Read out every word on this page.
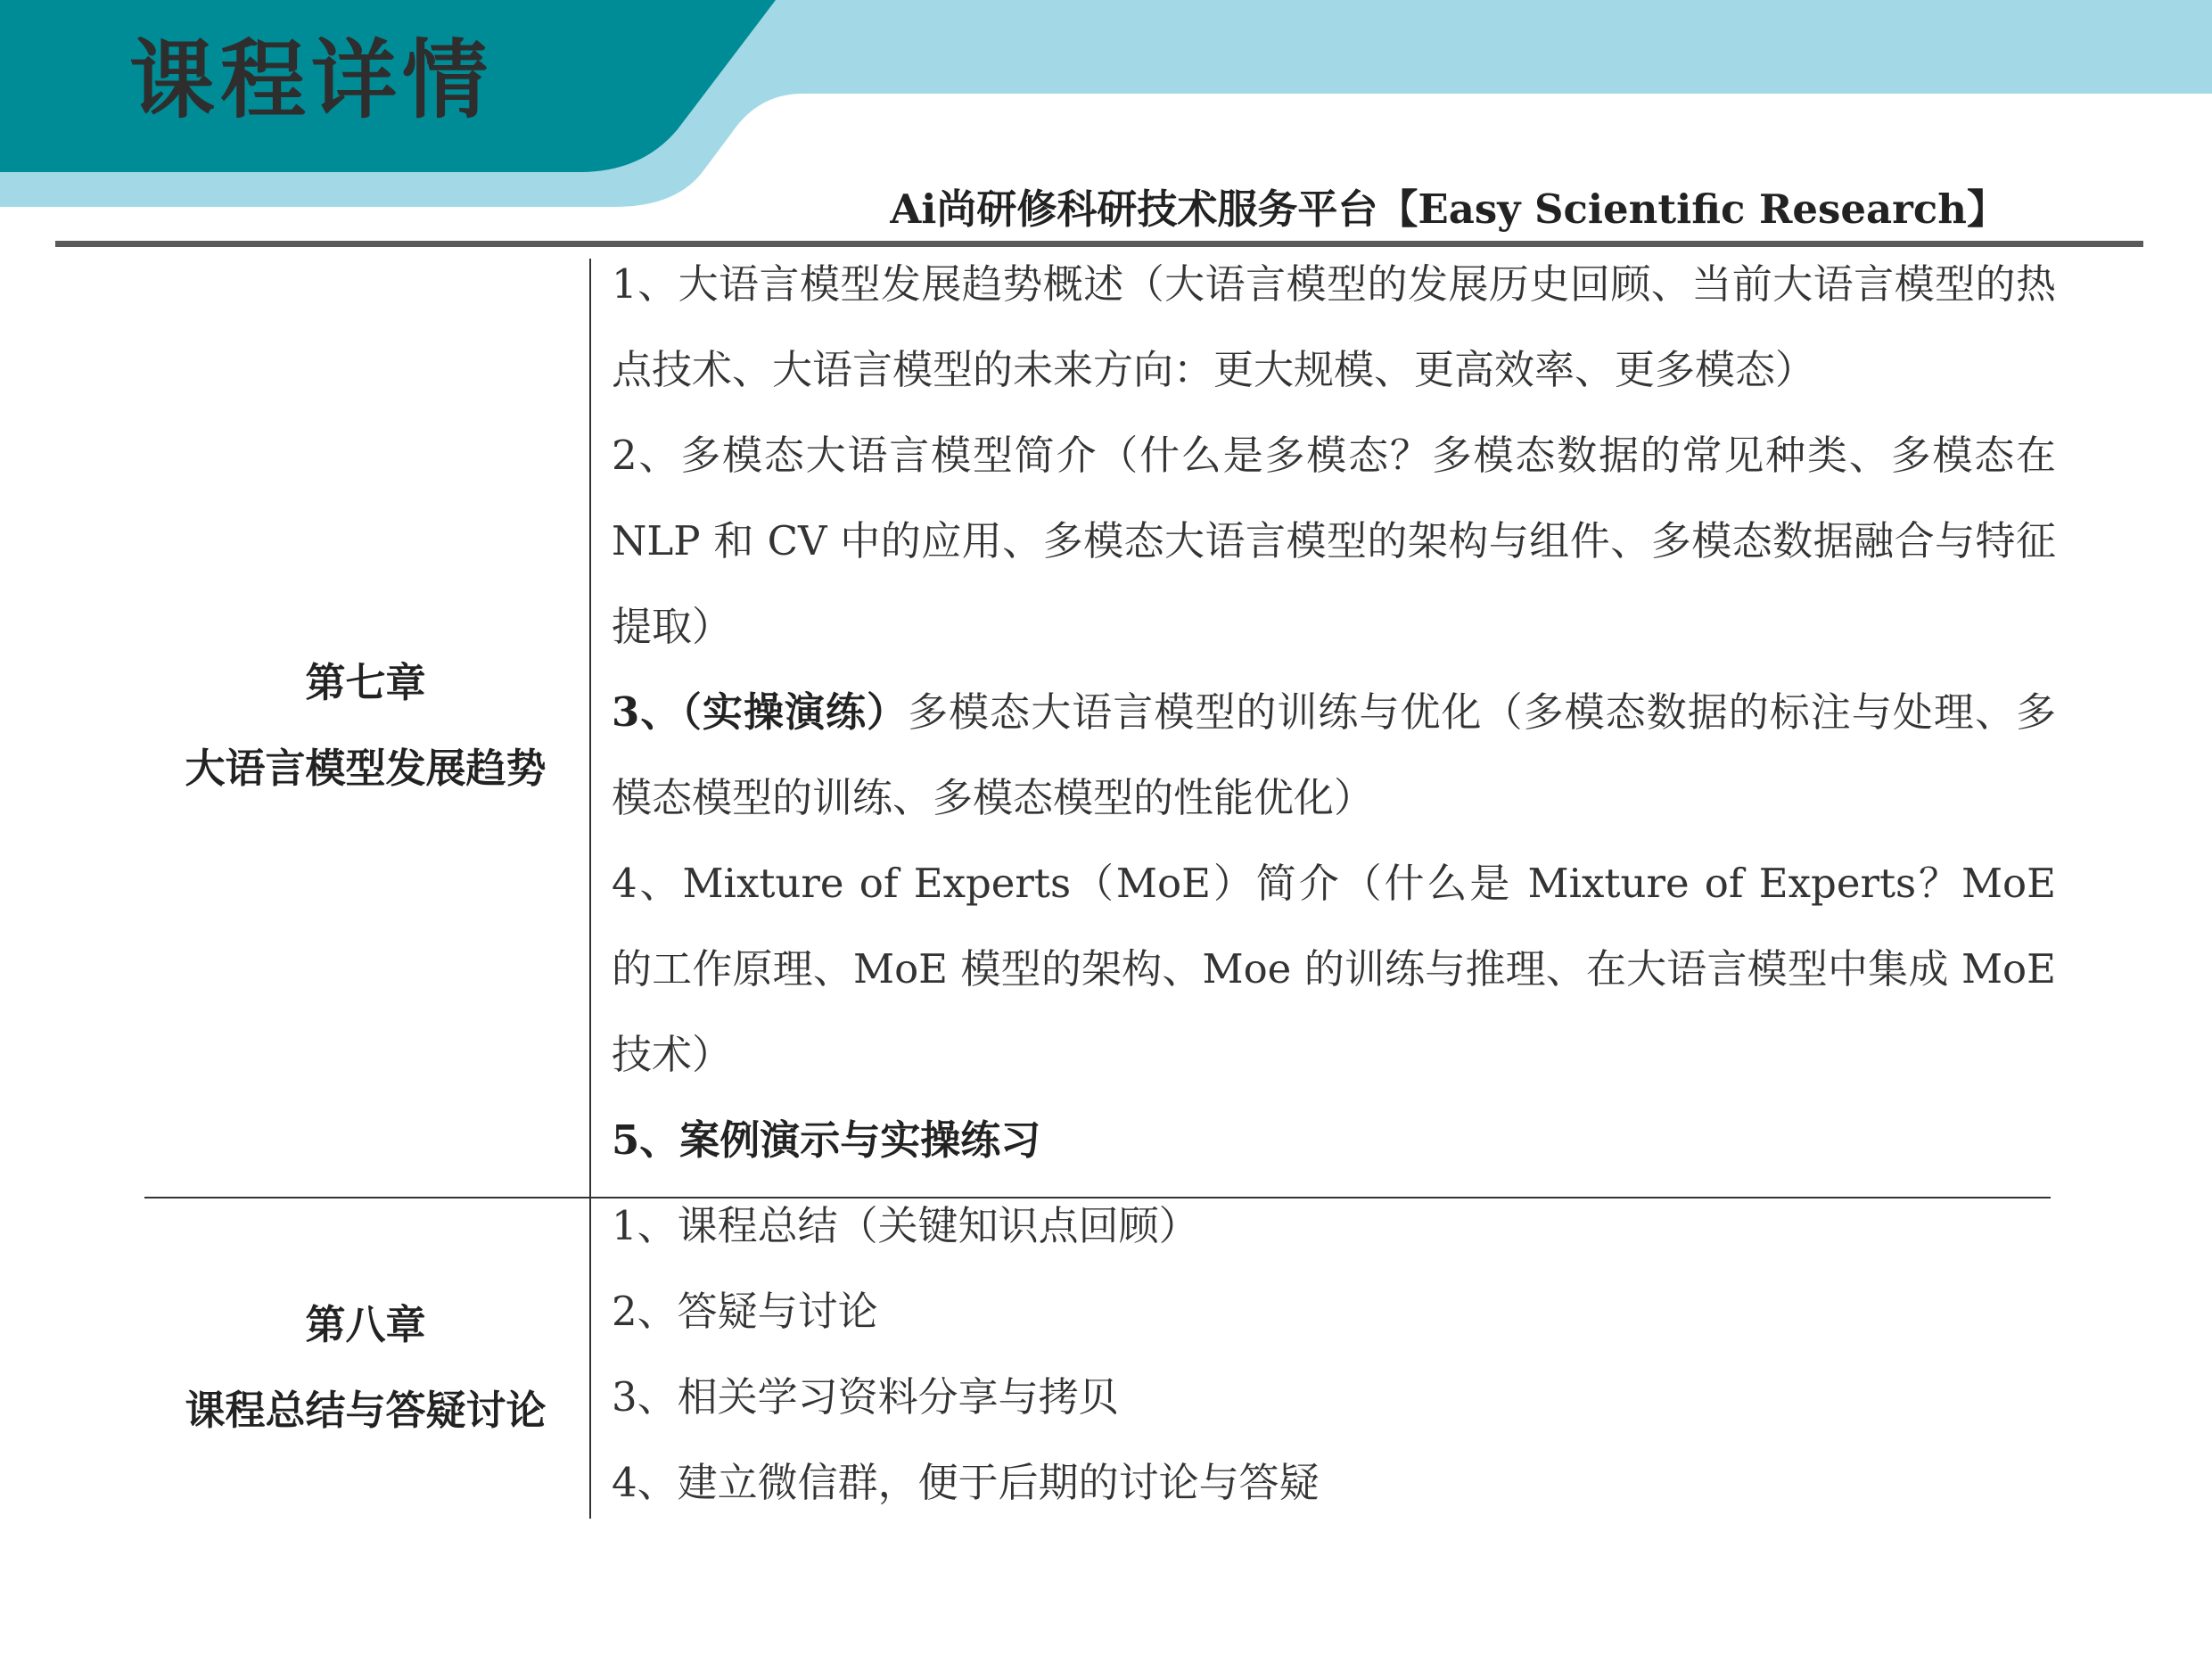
课程详情
Ai尚研修科研技术服务平台【Easy Scientific Research】
第七章
大语言模型发展趋势

1、大语言模型发展趋势概述（大语言模型的发展历史回顾、当前大语言模型的热点技术、大语言模型的未来方向：更大规模、更高效率、更多模态）

2、多模态大语言模型简介（什么是多模态？多模态数据的常见种类、多模态在 NLP 和 CV 中的应用、多模态大语言模型的架构与组件、多模态数据融合与特征提取）

3、（实操演练）多模态大语言模型的训练与优化（多模态数据的标注与处理、多模态模型的训练、多模态模型的性能优化）

4、Mixture of Experts（MoE）简介（什么是 Mixture of Experts？MoE 的工作原理、MoE 模型的架构、Moe 的训练与推理、在大语言模型中集成 MoE 技术）

5、案例演示与实操练习

第八章
课程总结与答疑讨论

1、课程总结（关键知识点回顾）

2、答疑与讨论

3、相关学习资料分享与拷贝

4、建立微信群，便于后期的讨论与答疑
